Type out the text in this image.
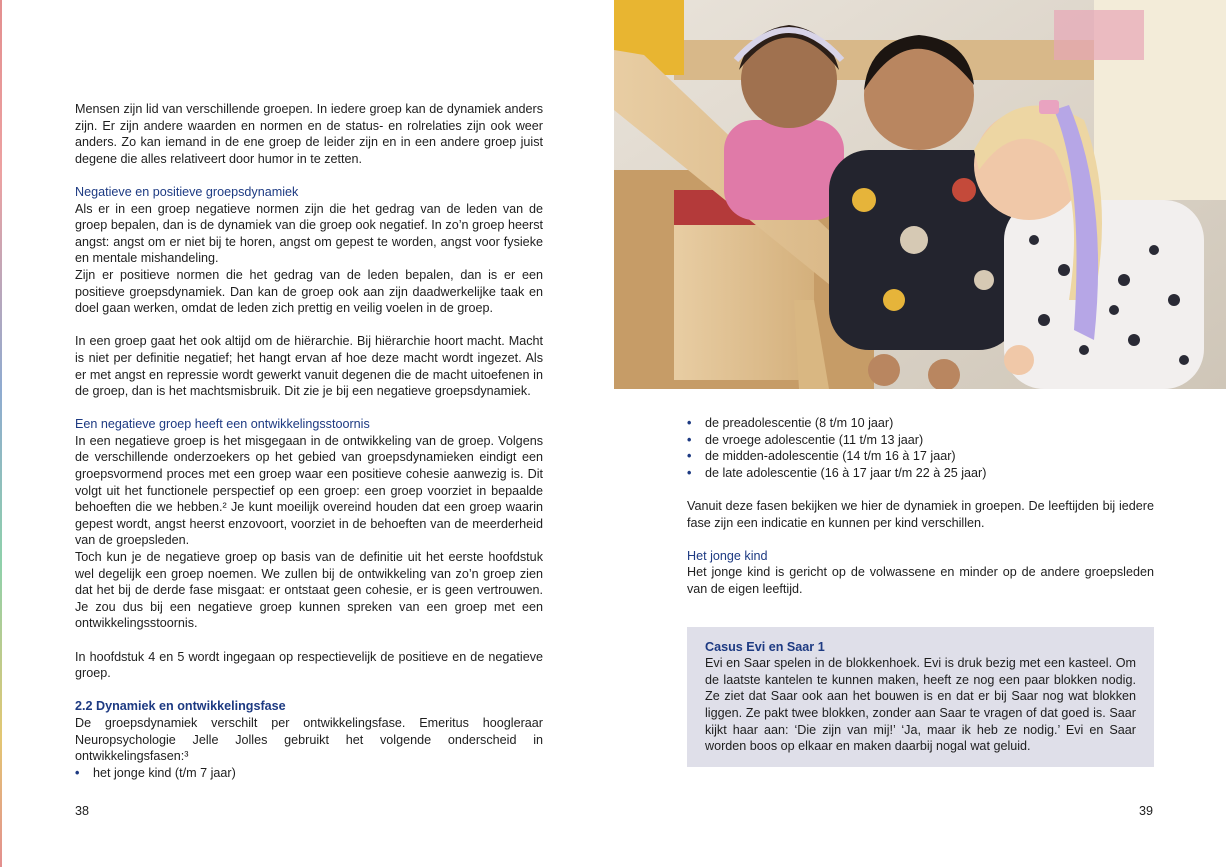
Mensen zijn lid van verschillende groepen. In iedere groep kan de dynamiek anders zijn. Er zijn andere waarden en normen en de status- en rolrelaties zijn ook weer anders. Zo kan iemand in de ene groep de leider zijn en in een andere groep juist degene die alles relativeert door humor in te zetten.

Negatieve en positieve groepsdynamiek

Als er in een groep negatieve normen zijn die het gedrag van de leden van de groep bepalen, dan is de dynamiek van die groep ook negatief. In zo’n groep heerst angst: angst om er niet bij te horen, angst om gepest te worden, angst voor fysieke en mentale mishandeling.

Zijn er positieve normen die het gedrag van de leden bepalen, dan is er een positieve groepsdynamiek. Dan kan de groep ook aan zijn daadwerkelijke taak en doel gaan werken, omdat de leden zich prettig en veilig voelen in de groep.

In een groep gaat het ook altijd om de hiërarchie. Bij hiërarchie hoort macht. Macht is niet per definitie negatief; het hangt ervan af hoe deze macht wordt ingezet. Als er met angst en repressie wordt gewerkt vanuit degenen die de macht uitoefenen in de groep, dan is het machtsmisbruik. Dit zie je bij een negatieve groepsdynamiek.

Een negatieve groep heeft een ontwikkelingsstoornis

In een negatieve groep is het misgegaan in de ontwikkeling van de groep. Volgens de verschillende onderzoekers op het gebied van groepsdynamieken eindigt een groepsvormend proces met een groep waar een positieve cohesie aanwezig is. Dit volgt uit het functionele perspectief op een groep: een groep voorziet in bepaalde behoeften die we hebben.² Je kunt moeilijk overeind houden dat een groep waarin gepest wordt, angst heerst enzovoort, voorziet in de behoeften van de meerderheid van de groepsleden.

Toch kun je de negatieve groep op basis van de definitie uit het eerste hoofdstuk wel degelijk een groep noemen. We zullen bij de ontwikkeling van zo’n groep zien dat het bij de derde fase misgaat: er ontstaat geen cohesie, er is geen vertrouwen. Je zou dus bij een negatieve groep kunnen spreken van een groep met een ontwikkelingsstoornis.

In hoofdstuk 4 en 5 wordt ingegaan op respectievelijk de positieve en de negatieve groep.

2.2 Dynamiek en ontwikkelingsfase

De groepsdynamiek verschilt per ontwikkelingsfase. Emeritus hoogleraar Neuropsychologie Jelle Jolles gebruikt het volgende onderscheid in ontwikkelingsfasen:³

• het jonge kind (t/m 7 jaar)
38
• de preadolescentie (8 t/m 10 jaar)
• de vroege adolescentie (11 t/m 13 jaar)
• de midden-adolescentie (14 t/m 16 à 17 jaar)
• de late adolescentie (16 à 17 jaar t/m 22 à 25 jaar)

Vanuit deze fasen bekijken we hier de dynamiek in groepen. De leeftijden bij iedere fase zijn een indicatie en kunnen per kind verschillen.

Het jonge kind

Het jonge kind is gericht op de volwassene en minder op de andere groepsleden van de eigen leeftijd.

Casus Evi en Saar 1

Evi en Saar spelen in de blokkenhoek. Evi is druk bezig met een kasteel. Om de laatste kantelen te kunnen maken, heeft ze nog een paar blokken nodig. Ze ziet dat Saar ook aan het bouwen is en dat er bij Saar nog wat blokken liggen. Ze pakt twee blokken, zonder aan Saar te vragen of dat goed is. Saar kijkt haar aan: ‘Die zijn van mij!’ ‘Ja, maar ik heb ze nodig.’ Evi en Saar worden boos op elkaar en maken daarbij nogal wat geluid.

39
